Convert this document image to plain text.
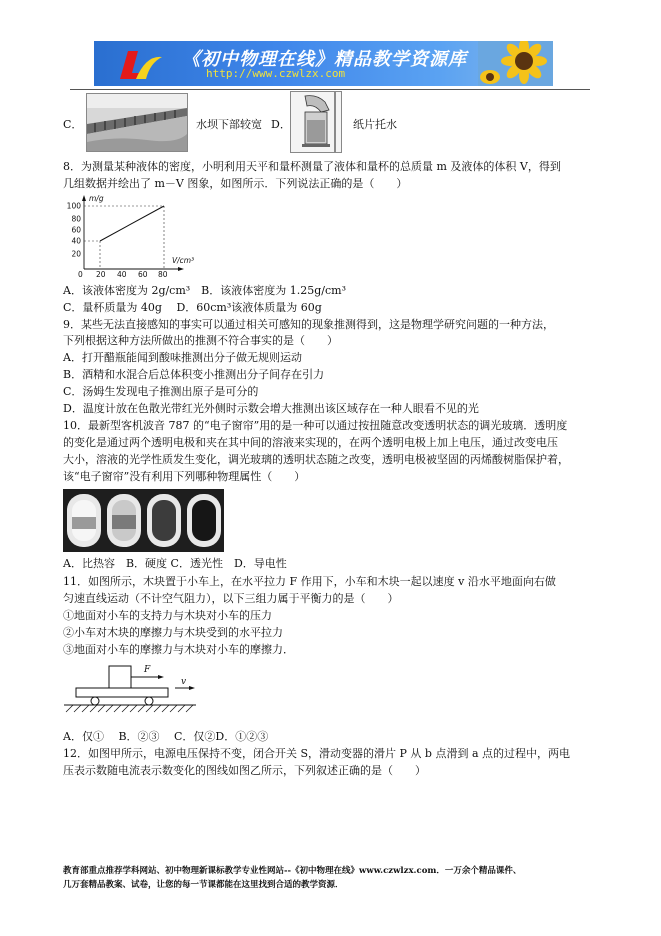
《初中物理在线》精品教学资源库
http://www.czwlzx.com
C．	水坝下部较宽 D．	纸片托水
8．为测量某种液体的密度，小明利用天平和量杯测量了液体和量杯的总质量 m 及液体的体积 V，得到
几组数据并绘出了 m－V 图象，如图所示．下列说法正确的是（　　）
m/g
V/cm³
100
80
60
40
20
0 20 40 60 80
A．该液体密度为 2g/cm³　B．该液体密度为 1.25g/cm³
C．量杯质量为 40g　 D．60cm³该液体质量为 60g
9．某些无法直接感知的事实可以通过相关可感知的现象推测得到，这是物理学研究问题的一种方法，
下列根据这种方法所做出的推测不符合事实的是（　　）
A．打开醋瓶能闻到酸味推测出分子做无规则运动
B．酒精和水混合后总体积变小推测出分子间存在引力
C．汤姆生发现电子推测出原子是可分的
D．温度计放在色散光带红光外侧时示数会增大推测出该区域存在一种人眼看不见的光
10．最新型客机波音 787 的“电子窗帘”用的是一种可以通过按扭随意改变透明状态的调光玻璃．透明度
的变化是通过两个透明电极和夹在其中间的溶液来实现的，在两个透明电极上加上电压，通过改变电压
大小，溶液的光学性质发生变化，调光玻璃的透明状态随之改变，透明电极被坚固的丙烯酸树脂保护着，
该“电子窗帘”没有利用下列哪种物理属性（　　）
A．比热容　B．硬度 C．透光性　D．导电性
11．如图所示，木块置于小车上，在水平拉力 F 作用下，小车和木块一起以速度 v 沿水平地面向右做
匀速直线运动（不计空气阻力），以下三组力属于平衡力的是（　　）
①地面对小车的支持力与木块对小车的压力
②小车对木块的摩擦力与木块受到的水平拉力
③地面对小车的摩擦力与木块对小车的摩擦力．
F
v
A．仅①　 B．②③　 C．仅②D．①②③
12．如图甲所示，电源电压保持不变，闭合开关 S，滑动变器的滑片 P 从 b 点滑到 a 点的过程中，两电
压表示数随电流表示数变化的图线如图乙所示，下列叙述正确的是（　　）
教育部重点推荐学科网站、初中物理新课标教学专业性网站--《初中物理在线》www.czwlzx.com．一万余个精品课件、
几万套精品教案、试卷，让您的每一节课都能在这里找到合适的教学资源．
